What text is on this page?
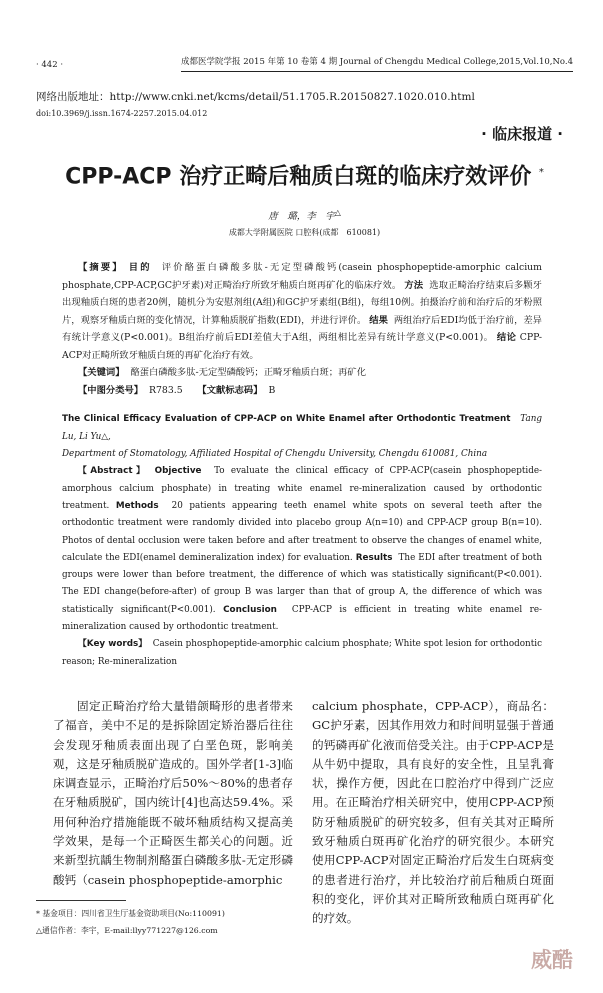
· 442 ·	成都医学院学报 2015 年第 10 卷第 4 期 Journal of Chengdu Medical College,2015,Vol.10,No.4
网络出版地址：http://www.cnki.net/kcms/detail/51.1705.R.20150827.1020.010.html
doi:10.3969/j.issn.1674-2257.2015.04.012
· 临床报道 ·
CPP-ACP 治疗正畸后釉质白斑的临床疗效评价 *
唐　璐，李　宇△
成都大学附属医院 口腔科(成都　610081)

【摘要】 目的 评价酪蛋白磷酸多肽-无定型磷酸钙(casein phosphopeptide-amorphic calcium phosphate,CPP-ACP,GC护牙素)对正畸治疗所致牙釉质白斑再矿化的临床疗效。 方法 选取正畸治疗结束后多颗牙出现釉质白斑的患者20例，随机分为安慰剂组(A组)和GC护牙素组(B组)，每组10例。拍摄治疗前和治疗后的牙粉照片，观察牙釉质白斑的变化情况，计算釉质脱矿指数(EDI)，并进行评价。 结果 两组治疗后EDI均低于治疗前，差异有统计学意义(P<0.001)。B组治疗前后EDI差值大于A组，两组相比差异有统计学意义(P<0.001)。 结论 CPP-ACP对正畸所致牙釉质白斑的再矿化治疗有效。

【关键词】 酪蛋白磷酸多肽-无定型磷酸钙；正畸牙釉质白斑；再矿化

【中图分类号】 R783.5 【文献标志码】 B

The Clinical Efficacy Evaluation of CPP-ACP on White Enamel after Orthodontic Treatment Tang Lu, Li Yu△,

Department of Stomatology, Affiliated Hospital of Chengdu University, Chengdu 610081, China

【Abstract】 Objective To evaluate the clinical efficacy of CPP-ACP(casein phosphopeptide-amorphous calcium phosphate) in treating white enamel re-mineralization caused by orthodontic treatment. Methods 20 patients appearing teeth enamel white spots on several teeth after the orthodontic treatment were randomly divided into placebo group A(n=10) and CPP-ACP group B(n=10). Photos of dental occlusion were taken before and after treatment to observe the changes of enamel white, calculate the EDI(enamel demineralization index) for evaluation. Results The EDI after treatment of both groups were lower than before treatment, the difference of which was statistically significant(P<0.001). The EDI change(before-after) of group B was larger than that of group A, the difference of which was statistically significant(P<0.001). Conclusion CPP-ACP is efficient in treating white enamel re-mineralization caused by orthodontic treatment.

【Key words】 Casein phosphopeptide-amorphic calcium phosphate; White spot lesion for orthodontic reason; Re-mineralization

固定正畸治疗给大量错颌畸形的患者带来了福音，美中不足的是拆除固定矫治器后往往会发现牙釉质表面出现了白垩色斑，影响美观，这是牙釉质脱矿造成的。国外学者[1-3]临床调查显示，正畸治疗后50%～80%的患者存在牙釉质脱矿，国内统计[4]也高达59.4%。采用何种治疗措施能既不破坏釉质结构又提高美学效果，是每一个正畸医生都关心的问题。近来新型抗龋生物制剂酪蛋白磷酸多肽-无定形磷酸钙（casein phosphopeptide-amorphic

* 基金项目：四川省卫生厅基金资助项目(No:110091)
△通信作者：李宇，E-mail:llyy771227@126.com

calcium phosphate，CPP-ACP），商品名：GC护牙素，因其作用效力和时间明显强于普通的钙磷再矿化液而倍受关注。由于CPP-ACP是从牛奶中提取，具有良好的安全性，且呈乳膏状，操作方便，因此在口腔治疗中得到广泛应用。在正畸治疗相关研究中，使用CPP-ACP预防牙釉质脱矿的研究较多，但有关其对正畸所致牙釉质白斑再矿化治疗的研究很少。本研究使用CPP-ACP对固定正畸治疗后发生白斑病变的患者进行治疗，并比较治疗前后釉质白斑面积的变化，评价其对正畸所致釉质白斑再矿化的疗效。

威酷
